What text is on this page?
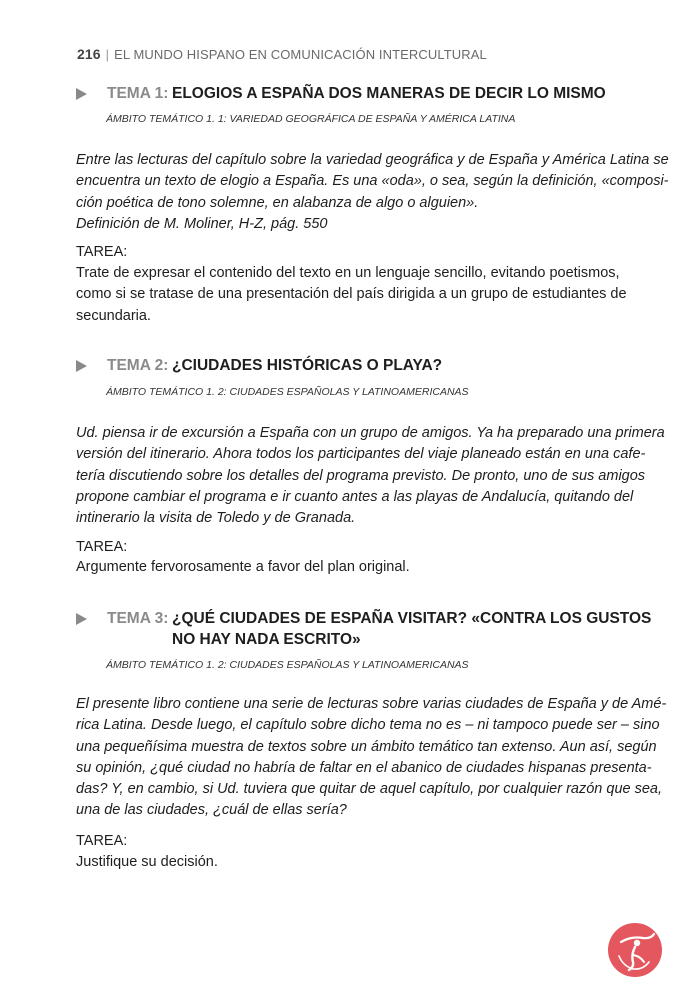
216 | EL MUNDO HISPANO EN COMUNICACIÓN INTERCULTURAL
TEMA 1: ELOGIOS A ESPAÑA DOS MANERAS DE DECIR LO MISMO
ÁMBITO TEMÁTICO 1. 1: VARIEDAD GEOGRÁFICA DE ESPAÑA Y AMÉRICA LATINA
Entre las lecturas del capítulo sobre la variedad geográfica y de España y América Latina se
encuentra un texto de elogio a España. Es una «oda», o sea, según la definición, «composi-
ción poética de tono solemne, en alabanza de algo o alguien».
Definición de M. Moliner, H-Z, pág. 550
TAREA:
Trate de expresar el contenido del texto en un lenguaje sencillo, evitando poetismos,
como si se tratase de una presentación del país dirigida a un grupo de estudiantes de
secundaria.
TEMA 2: ¿CIUDADES HISTÓRICAS O PLAYA?
ÁMBITO TEMÁTICO 1. 2: CIUDADES ESPAÑOLAS Y LATINOAMERICANAS
Ud. piensa ir de excursión a España con un grupo de amigos. Ya ha preparado una primera
versión del itinerario. Ahora todos los participantes del viaje planeado están en una cafe-
tería discutiendo sobre los detalles del programa previsto. De pronto, uno de sus amigos
propone cambiar el programa e ir cuanto antes a las playas de Andalucía, quitando del
intinerario la visita de Toledo y de Granada.
TAREA:
Argumente fervorosamente a favor del plan original.
TEMA 3: ¿QUÉ CIUDADES DE ESPAÑA VISITAR? «CONTRA LOS GUSTOS
NO HAY NADA ESCRITO»
ÁMBITO TEMÁTICO 1. 2: CIUDADES ESPAÑOLAS Y LATINOAMERICANAS
El presente libro contiene una serie de lecturas sobre varias ciudades de España y de Amé-
rica Latina. Desde luego, el capítulo sobre dicho tema no es – ni tampoco puede ser – sino
una pequeñísima muestra de textos sobre un ámbito temático tan extenso. Aun así, según
su opinión, ¿qué ciudad no habría de faltar en el abanico de ciudades hispanas presenta-
das? Y, en cambio, si Ud. tuviera que quitar de aquel capítulo, por cualquier razón que sea,
una de las ciudades, ¿cuál de ellas sería?
TAREA:
Justifique su decisión.
